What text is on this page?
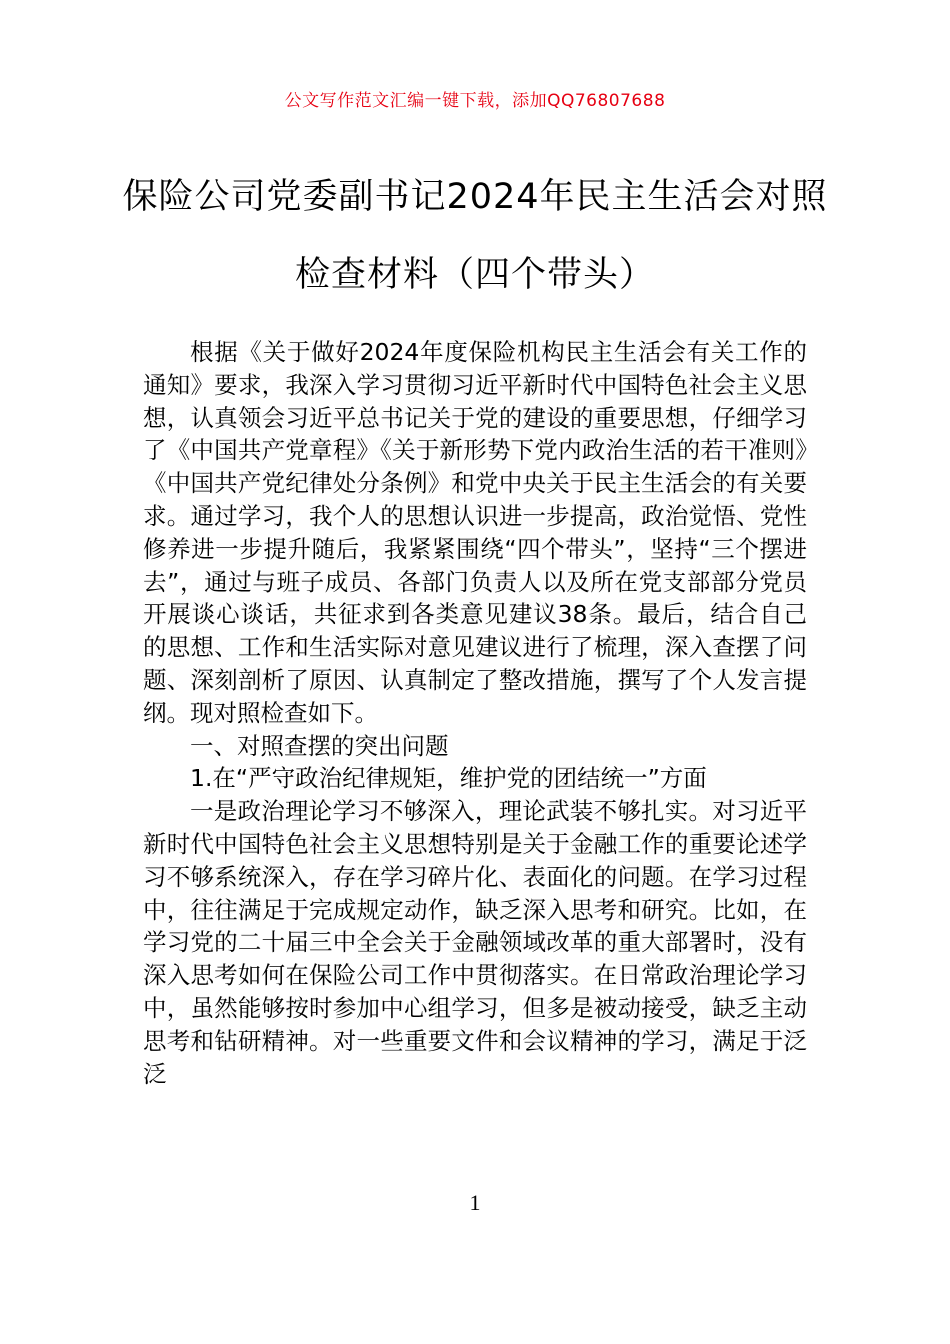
公文写作范文汇编一键下载，添加QQ76807688
保险公司党委副书记2024年民主生活会对照检查材料（四个带头）

根据《关于做好2024年度保险机构民主生活会有关工作的通知》要求，我深入学习贯彻习近平新时代中国特色社会主义思想，认真领会习近平总书记关于党的建设的重要思想，仔细学习了《中国共产党章程》《关于新形势下党内政治生活的若干准则》《中国共产党纪律处分条例》和党中央关于民主生活会的有关要求。通过学习，我个人的思想认识进一步提高，政治觉悟、党性修养进一步提升随后，我紧紧围绕“四个带头”，坚持“三个摆进去”，通过与班子成员、各部门负责人以及所在党支部部分党员开展谈心谈话，共征求到各类意见建议38条。最后，结合自己的思想、工作和生活实际对意见建议进行了梳理，深入查摆了问题、深刻剖析了原因、认真制定了整改措施，撰写了个人发言提纲。现对照检查如下。

一、对照查摆的突出问题

1.在“严守政治纪律规矩，维护党的团结统一”方面

一是政治理论学习不够深入，理论武装不够扎实。对习近平新时代中国特色社会主义思想特别是关于金融工作的重要论述学习不够系统深入，存在学习碎片化、表面化的问题。在学习过程中，往往满足于完成规定动作，缺乏深入思考和研究。比如，在学习党的二十届三中全会关于金融领域改革的重大部署时，没有深入思考如何在保险公司工作中贯彻落实。在日常政治理论学习中，虽然能够按时参加中心组学习，但多是被动接受，缺乏主动思考和钻研精神。对一些重要文件和会议精神的学习，满足于泛泛

1
